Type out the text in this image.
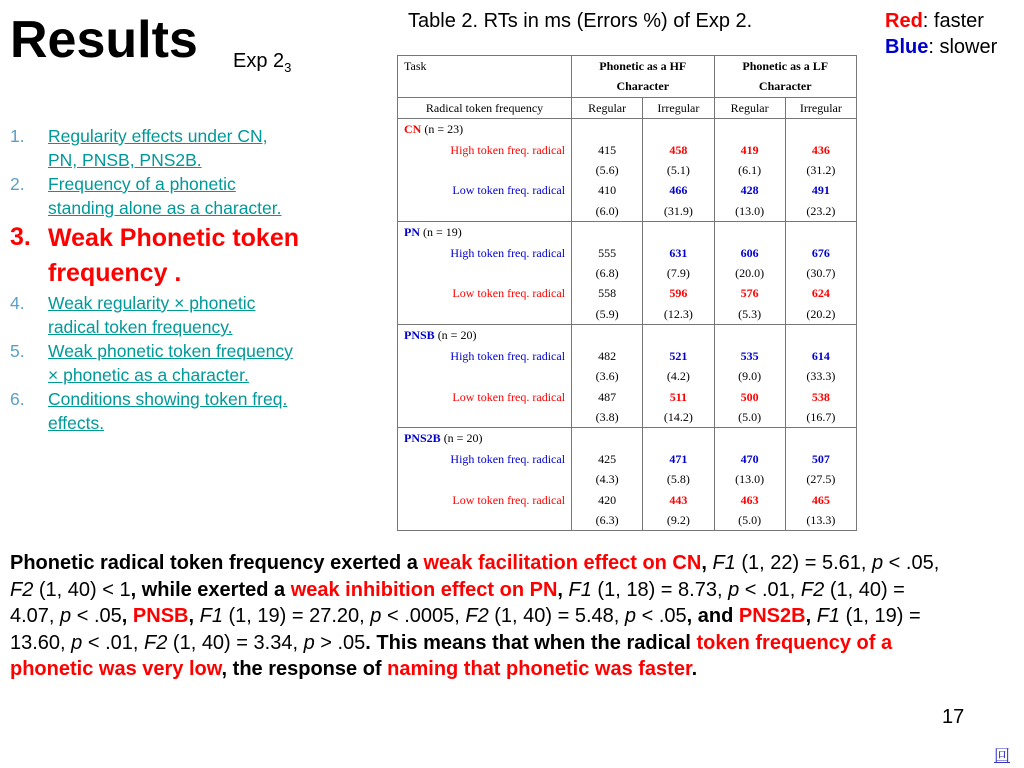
Results Exp $2_3$
Red: faster
Blue: slower
Table 2. RTs in ms (Errors %) of Exp 2.
1. Regularity effects under CN, PN, PNSB, PNS2B.
2. Frequency of a phonetic standing alone as a character.
3. Weak Phonetic token frequency .
4. Weak regularity × phonetic radical token frequency.
5. Weak phonetic token frequency × phonetic as a character.
6. Conditions showing token freq. effects.
Task	Phonetic as a HF		Phonetic as a LF	
	Character		Character	
Radical token frequency	Regular	Irregular	Regular	Irregular
CN (n = 23)				
High token freq. radical	415	458	419	436
	(5.6)	(5.1)	(6.1)	(31.2)
Low token freq. radical	410	466	428	491
	(6.0)	(31.9)	(13.0)	(23.2)
PN (n = 19)				
High token freq. radical	555	631	606	676
	(6.8)	(7.9)	(20.0)	(30.7)
Low token freq. radical	558	596	576	624
	(5.9)	(12.3)	(5.3)	(20.2)
PNSB (n = 20)				
High token freq. radical	482	521	535	614
	(3.6)	(4.2)	(9.0)	(33.3)
Low token freq. radical	487	511	500	538
	(3.8)	(14.2)	(5.0)	(16.7)
PNS2B (n = 20)				
High token freq. radical	425	471	470	507
	(4.3)	(5.8)	(13.0)	(27.5)
Low token freq. radical	420	443	463	465
	(6.3)	(9.2)	(5.0)	(13.3)
Phonetic radical token frequency exerted a weak facilitation effect on CN, F1 (1, 22) = 5.61, p < .05, F2 (1, 40) < 1, while exerted a weak inhibition effect on PN, F1 (1, 18) = 8.73, p < .01, F2 (1, 40) = 4.07, p < .05, PNSB, F1 (1, 19) = 27.20, p < .0005, F2 (1, 40) = 5.48, p < .05, and PNS2B, F1 (1, 19) = 13.60, p < .01, F2 (1, 40) = 3.34, p > .05. This means that when the radical token frequency of a phonetic was very low, the response of naming that phonetic was faster.
17
回
